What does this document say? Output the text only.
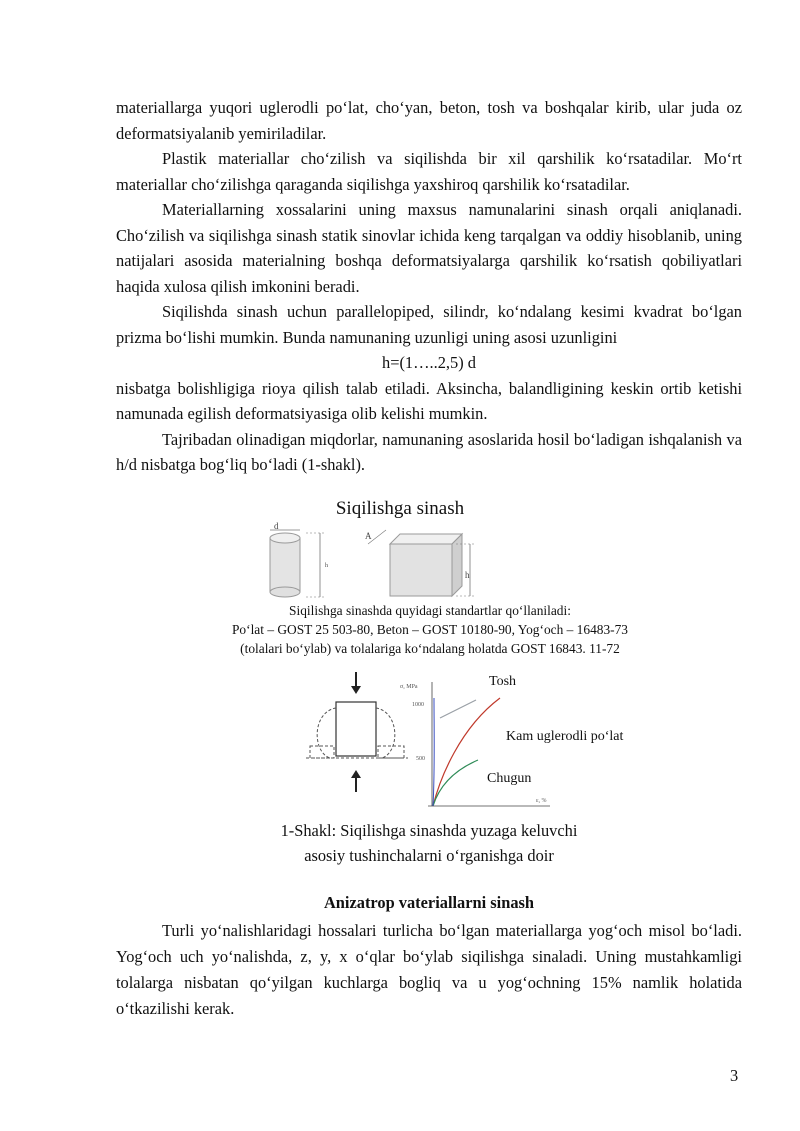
materiallarga yuqori uglerodli po‘lat, cho‘yan, beton, tosh va boshqalar kirib, ular juda oz deformatsiyalanib yemiriladilar.

Plastik materiallar cho‘zilish va siqilishda bir xil qarshilik ko‘rsatadilar. Mo‘rt materiallar cho‘zilishga qaraganda siqilishga yaxshiroq qarshilik ko‘rsatadilar.

Materiallarning xossalarini uning maxsus namunalarini sinash orqali aniqlanadi. Cho‘zilish va siqilishga sinash statik sinovlar ichida keng tarqalgan va oddiy hisoblanib, uning natijalari asosida materialning boshqa deformatsiyalarga qarshilik ko‘rsatish qobiliyatlari haqida xulosa qilish imkonini beradi.

Siqilishda sinash uchun parallelopiped, silindr, ko‘ndalang kesimi kvadrat bo‘lgan prizma bo‘lishi mumkin. Bunda namunaning uzunligi uning asosi uzunligini

h=(1…..2,5) d

nisbatga bolishligiga rioya qilish talab etiladi. Aksincha, balandligining keskin ortib ketishi namunada egilish deformatsiyasiga olib kelishi mumkin.

Tajribadan olinadigan miqdorlar, namunaning asoslarida hosil bo‘ladigan ishqalanish va h/d nisbatga bog‘liq bo‘ladi (1-shakl).

Siqilishga sinash
d
h
A
h
Siqilishga sinashda quyidagi standartlar qo‘llaniladi:
Po‘lat – GOST 25 503-80, Beton – GOST 10180-90, Yog‘och – 16483-73
(tolalari bo‘ylab) va tolalariga ko‘ndalang holatda GOST 16843. 11-72
σ, MPa
1000
500
ε, %
Tosh
Kam uglerodli po‘lat
Chugun
1-Shakl: Siqilishga sinashda yuzaga keluvchi
asosiy tushinchalarni o‘rganishga doir
Anizatrop vateriallarni sinash

Turli yo‘nalishlaridagi hossalari turlicha bo‘lgan materiallarga yog‘och misol bo‘ladi. Yog‘och uch yo‘nalishda, z, y, x o‘qlar bo‘ylab siqilishga sinaladi. Uning mustahkamligi tolalarga nisbatan qo‘yilgan kuchlarga bogliq va u yog‘ochning 15% namlik holatida o‘tkazilishi kerak.

3
